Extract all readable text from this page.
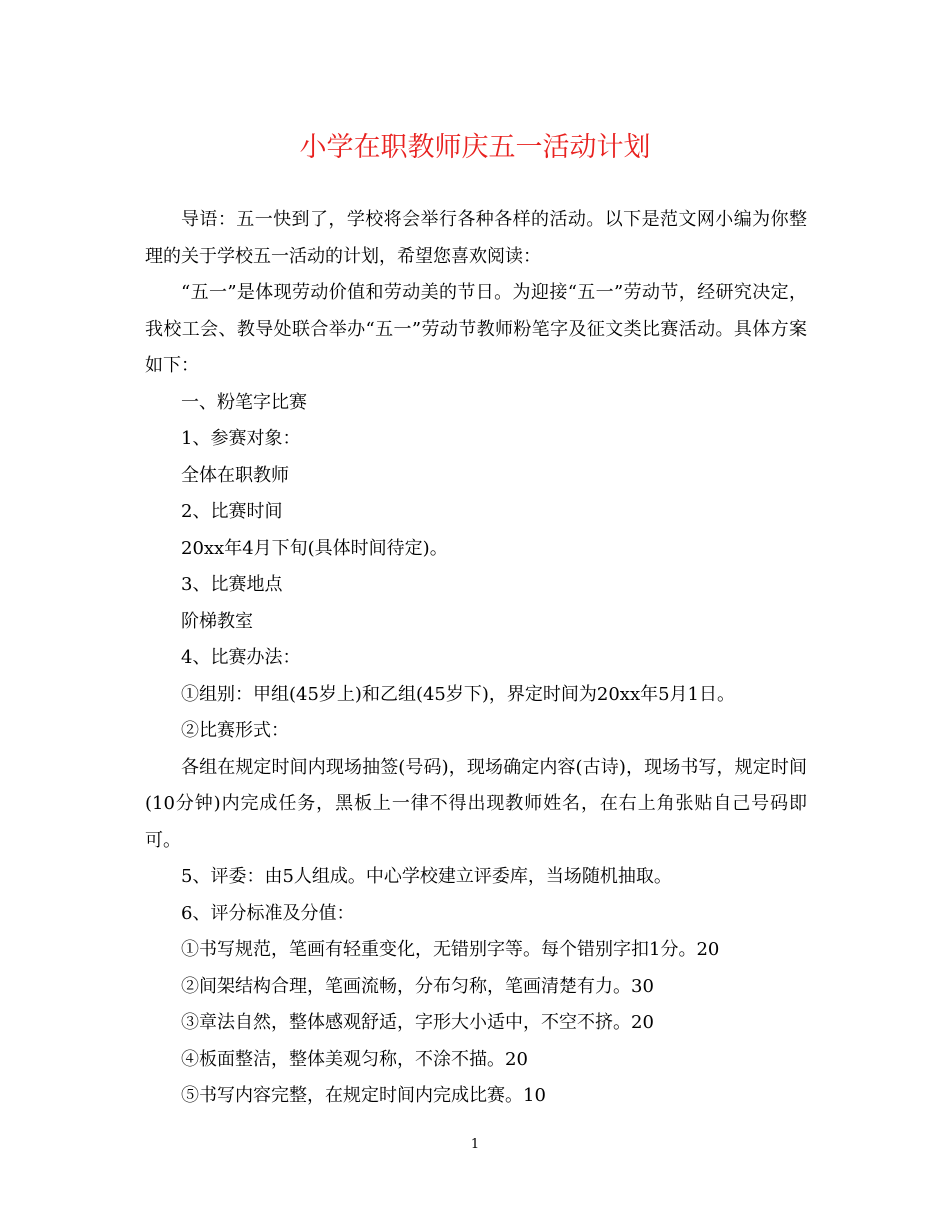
小学在职教师庆五一活动计划

导语：五一快到了，学校将会举行各种各样的活动。以下是范文网小编为你整理的关于学校五一活动的计划，希望您喜欢阅读：

“五一”是体现劳动价值和劳动美的节日。为迎接“五一”劳动节，经研究决定，我校工会、教导处联合举办“五一”劳动节教师粉笔字及征文类比赛活动。具体方案如下：

一、粉笔字比赛

1、参赛对象：

全体在职教师

2、比赛时间

20xx年4月下旬(具体时间待定)。

3、比赛地点

阶梯教室

4、比赛办法：

①组别：甲组(45岁上)和乙组(45岁下)，界定时间为20xx年5月1日。

②比赛形式：

各组在规定时间内现场抽签(号码)，现场确定内容(古诗)，现场书写，规定时间(10分钟)内完成任务，黑板上一律不得出现教师姓名，在右上角张贴自己号码即可。

5、评委：由5人组成。中心学校建立评委库，当场随机抽取。

6、评分标准及分值：

①书写规范，笔画有轻重变化，无错别字等。每个错别字扣1分。20

②间架结构合理，笔画流畅，分布匀称，笔画清楚有力。30

③章法自然，整体感观舒适，字形大小适中，不空不挤。20

④板面整洁，整体美观匀称，不涂不描。20

⑤书写内容完整，在规定时间内完成比赛。10

1
